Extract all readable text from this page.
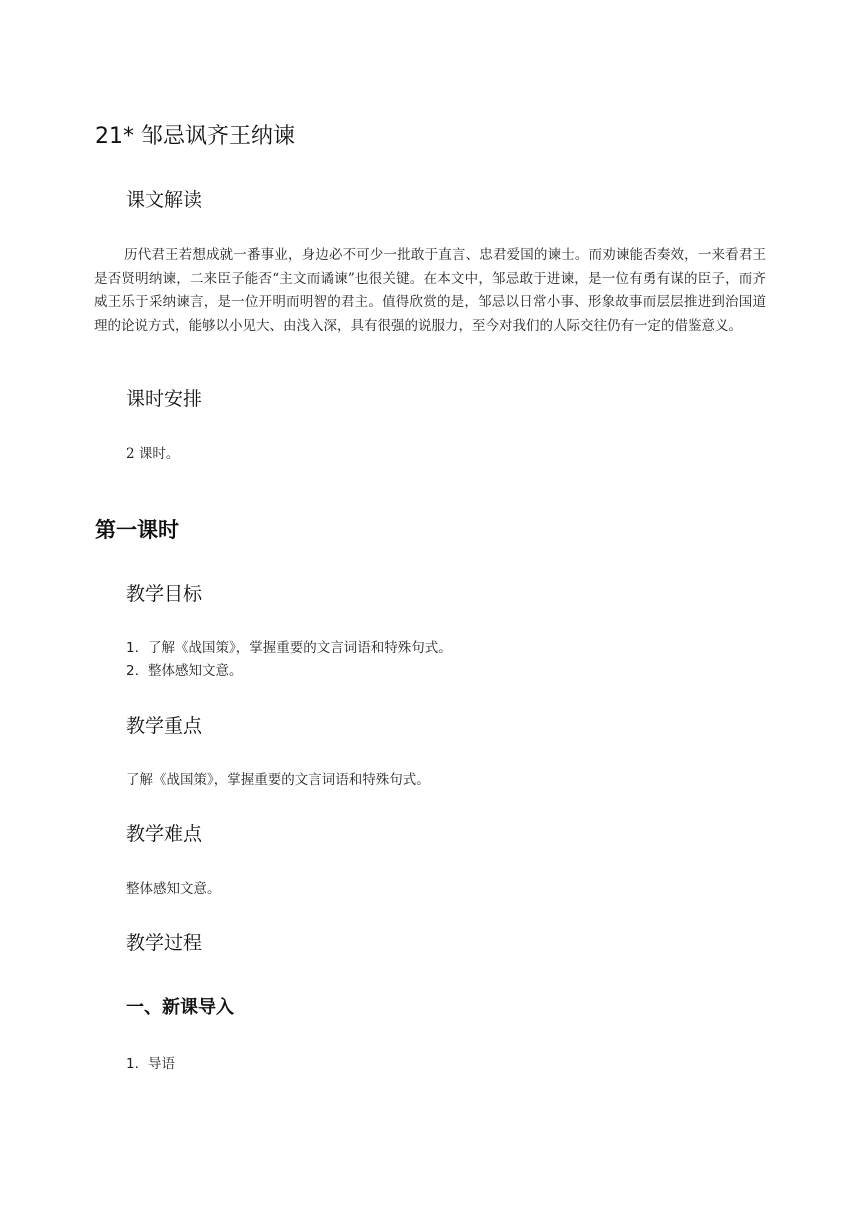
21* 邹忌讽齐王纳谏
课文解读

历代君王若想成就一番事业，身边必不可少一批敢于直言、忠君爱国的谏士。而劝谏能否奏效，一来看君王是否贤明纳谏，二来臣子能否“主文而谲谏”也很关键。在本文中，邹忌敢于进谏，是一位有勇有谋的臣子，而齐威王乐于采纳谏言，是一位开明而明智的君主。值得欣赏的是，邹忌以日常小事、形象故事而层层推进到治国道理的论说方式，能够以小见大、由浅入深，具有很强的说服力，至今对我们的人际交往仍有一定的借鉴意义。

课时安排

2 课时。

第一课时
教学目标
1. 了解《战国策》，掌握重要的文言词语和特殊句式。
2. 整体感知文意。
教学重点

了解《战国策》，掌握重要的文言词语和特殊句式。

教学难点

整体感知文意。

教学过程
一、新课导入
1. 导语
